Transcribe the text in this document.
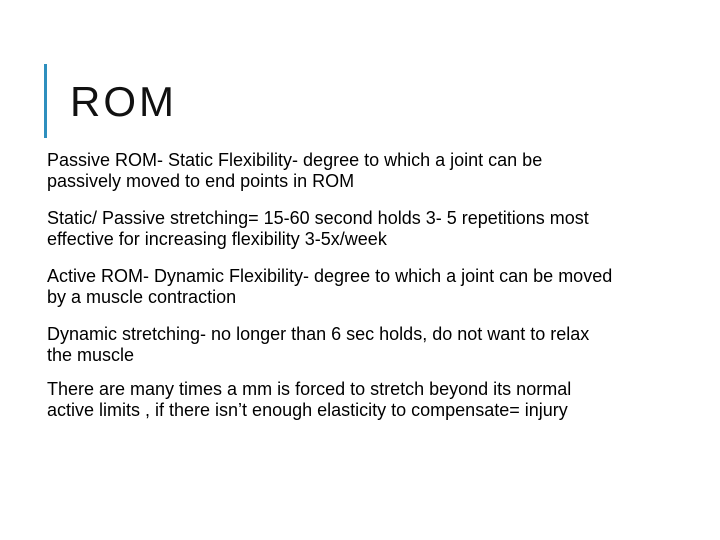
ROM

Passive ROM- Static Flexibility- degree to which a joint can be
passively moved to end points in ROM

Static/ Passive stretching= 15-60 second holds 3- 5 repetitions most
effective for increasing flexibility 3-5x/week

Active ROM- Dynamic Flexibility- degree to which a joint can be moved
by a muscle contraction

Dynamic stretching- no longer than 6 sec holds, do not want to relax
the muscle

There are many times a mm is forced to stretch beyond its normal
active limits , if there isn’t enough elasticity to compensate= injury
